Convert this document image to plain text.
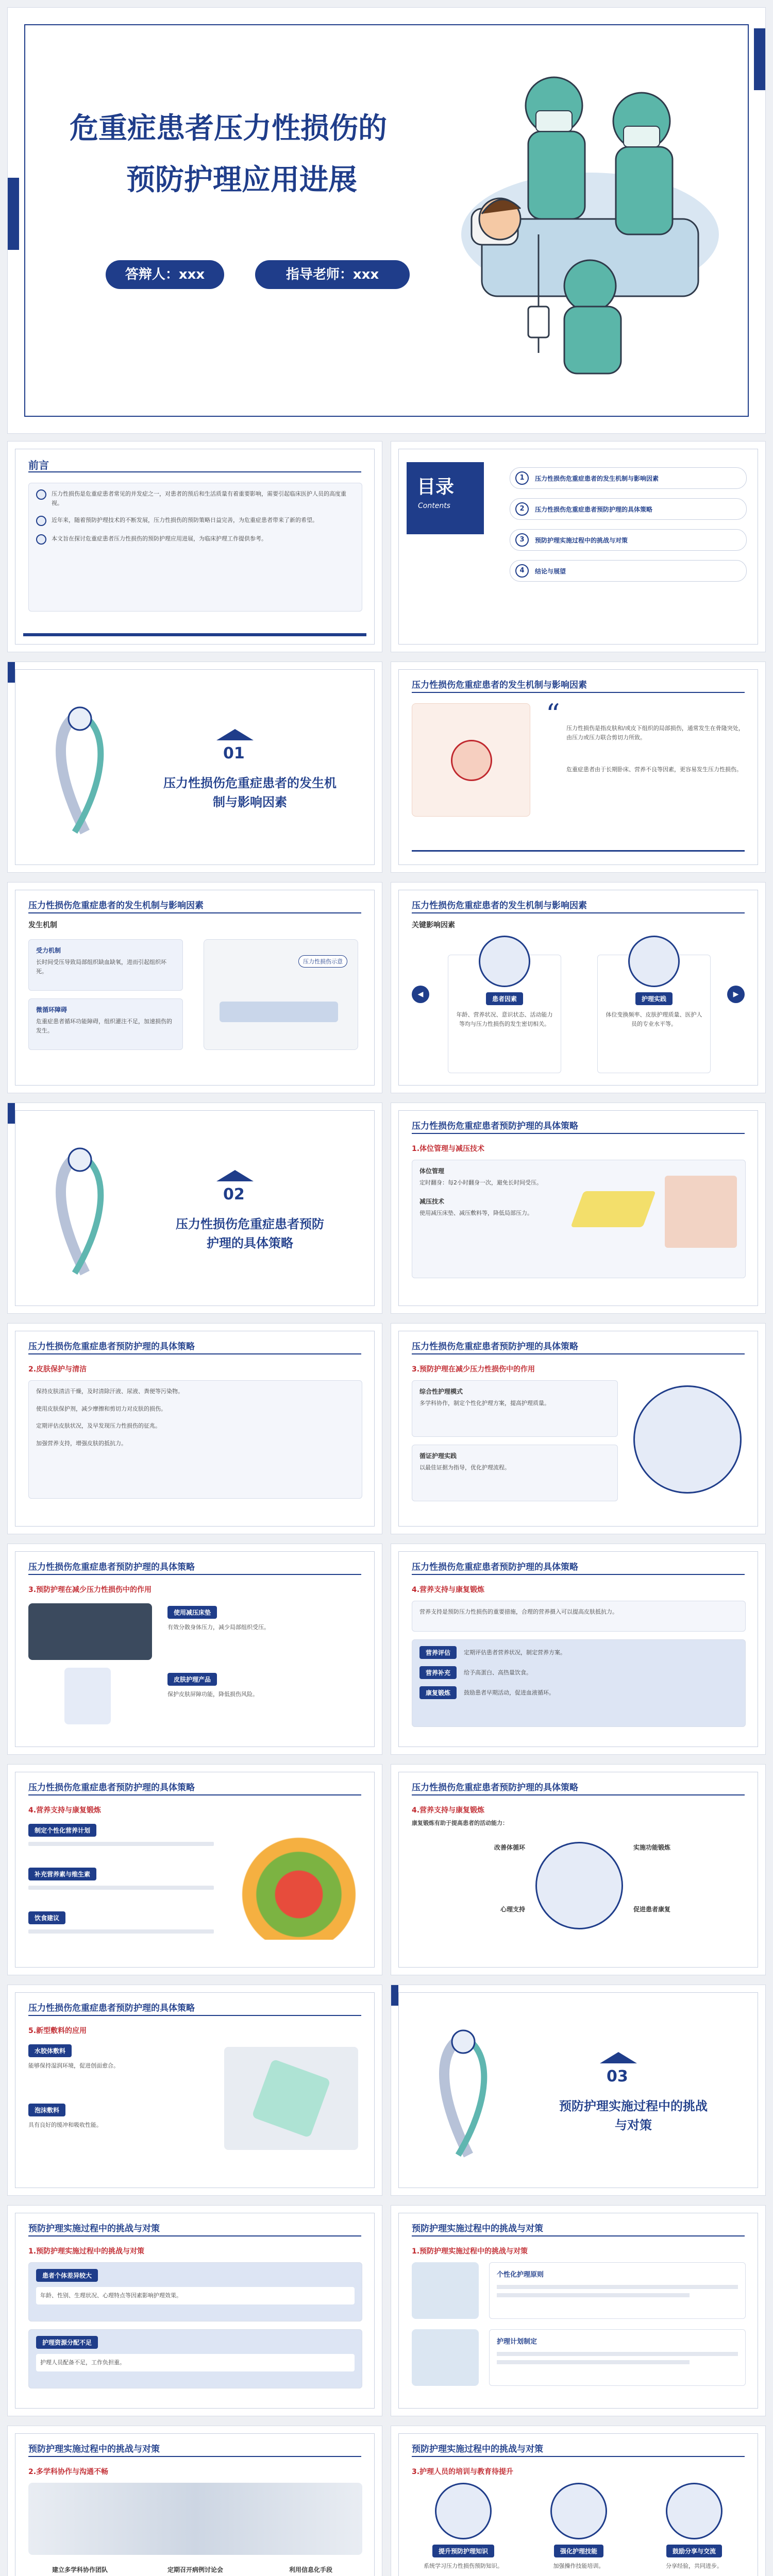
危重症患者压力性损伤的
预防护理应用进展
答辩人：xxx	指导老师：xxx
前言
压力性损伤是危重症患者常见的并发症之一，对患者的预后和生活质量有着重要影响，需要引起临床医护人员的高度重视。
近年来，随着预防护理技术的不断发展，压力性损伤的预防策略日益完善，为危重症患者带来了新的希望。
本文旨在探讨危重症患者压力性损伤的预防护理应用进展，为临床护理工作提供参考。
目录
Contents
1	压力性损伤危重症患者的发生机制与影响因素
2	压力性损伤危重症患者预防护理的具体策略
3	预防护理实施过程中的挑战与对策
4	结论与展望
01
压力性损伤危重症患者的发生机
制与影响因素
压力性损伤危重症患者的发生机制与影响因素
“ 压力性损伤是指皮肤和/或皮下组织的局部损伤，通常发生在骨隆突处，由压力或压力联合剪切力所致。
危重症患者由于长期卧床、营养不良等因素，更容易发生压力性损伤。
压力性损伤危重症患者的发生机制与影响因素
发生机制
受力机制
长时间受压导致局部组织缺血缺氧，进而引起组织坏死。
微循环障碍
危重症患者循环功能障碍，组织灌注不足，加速损伤的发生。
压力性损伤示意
压力性损伤危重症患者的发生机制与影响因素
关键影响因素
◀	▶
患者因素
年龄、营养状况、意识状态、活动能力等均与压力性损伤的发生密切相关。
护理实践
体位变换频率、皮肤护理质量、医护人员的专业水平等。
02
压力性损伤危重症患者预防
护理的具体策略
压力性损伤危重症患者预防护理的具体策略
1.体位管理与减压技术
体位管理
定时翻身：每2小时翻身一次，避免长时间受压。
减压技术
使用减压床垫、减压敷料等，降低局部压力。
压力性损伤危重症患者预防护理的具体策略
2.皮肤保护与清洁
保持皮肤清洁干燥，及时清除汗液、尿液、粪便等污染物。
使用皮肤保护剂，减少摩擦和剪切力对皮肤的损伤。
定期评估皮肤状况，及早发现压力性损伤的征兆。
加强营养支持，增强皮肤的抵抗力。
压力性损伤危重症患者预防护理的具体策略
3.预防护理在减少压力性损伤中的作用
综合性护理模式
多学科协作，制定个性化护理方案，提高护理质量。
循证护理实践
以最佳证据为指导，优化护理流程。
压力性损伤危重症患者预防护理的具体策略
3.预防护理在减少压力性损伤中的作用
使用减压床垫
有效分散身体压力，减少局部组织受压。
皮肤护理产品
保护皮肤屏障功能，降低损伤风险。
压力性损伤危重症患者预防护理的具体策略
4.营养支持与康复锻炼
营养支持是预防压力性损伤的重要措施，合理的营养摄入可以提高皮肤抵抗力。
营养评估	定期评估患者营养状况，制定营养方案。
营养补充	给予高蛋白、高热量饮食。
康复锻炼	鼓励患者早期活动，促进血液循环。
压力性损伤危重症患者预防护理的具体策略
4.营养支持与康复锻炼
制定个性化营养计划
补充营养素与维生素
饮食建议
压力性损伤危重症患者预防护理的具体策略
4.营养支持与康复锻炼
康复锻炼有助于提高患者的活动能力：
改善体循环	实施功能锻炼
心理支持	促进患者康复
压力性损伤危重症患者预防护理的具体策略
5.新型敷料的应用
水胶体敷料
能够保持湿润环境，促进创面愈合。
泡沫敷料
具有良好的缓冲和吸收性能。
03
预防护理实施过程中的挑战
与对策
预防护理实施过程中的挑战与对策
1.预防护理实施过程中的挑战与对策
患者个体差异较大
年龄、性别、生理状况、心理特点等因素影响护理效果。
护理资源分配不足
护理人员配备不足，工作负担重。
预防护理实施过程中的挑战与对策
1.预防护理实施过程中的挑战与对策
个性化护理原则
护理计划制定
预防护理实施过程中的挑战与对策
2.多学科协作与沟通不畅
建立多学科协作团队	定期召开病例讨论会	利用信息化手段
预防护理实施过程中的挑战与对策
3.护理人员的培训与教育待提升
提升预防护理知识
系统学习压力性损伤预防知识。
强化护理技能
加强操作技能培训。
鼓励分享与交流
分享经验，共同进步。
